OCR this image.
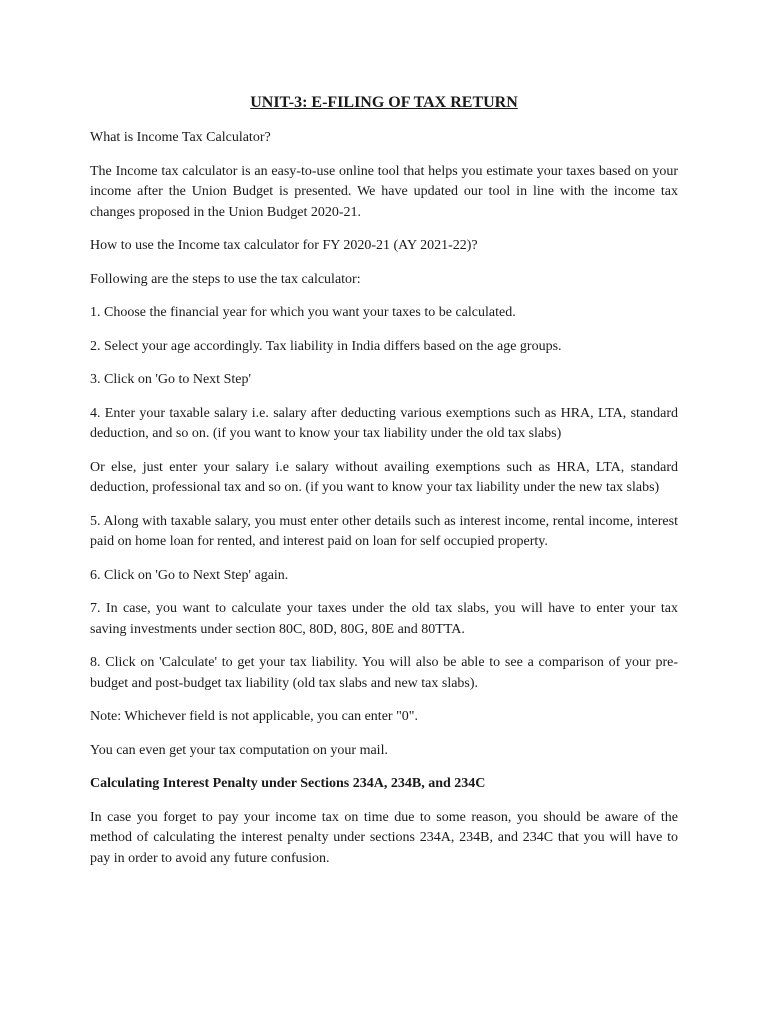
UNIT-3: E-FILING OF TAX RETURN

What is Income Tax Calculator?

The Income tax calculator is an easy-to-use online tool that helps you estimate your taxes based on your income after the Union Budget is presented. We have updated our tool in line with the income tax changes proposed in the Union Budget 2020-21.

How to use the Income tax calculator for FY 2020-21 (AY 2021-22)?

Following are the steps to use the tax calculator:

1. Choose the financial year for which you want your taxes to be calculated.

2. Select your age accordingly. Tax liability in India differs based on the age groups.

3. Click on 'Go to Next Step'

4. Enter your taxable salary i.e. salary after deducting various exemptions such as HRA, LTA, standard deduction, and so on. (if you want to know your tax liability under the old tax slabs)

Or else, just enter your salary i.e salary without availing exemptions such as HRA, LTA, standard deduction, professional tax and so on. (if you want to know your tax liability under the new tax slabs)

5. Along with taxable salary, you must enter other details such as interest income, rental income, interest paid on home loan for rented, and interest paid on loan for self occupied property.

6. Click on 'Go to Next Step' again.

7. In case, you want to calculate your taxes under the old tax slabs, you will have to enter your tax saving investments under section 80C, 80D, 80G, 80E and 80TTA.

8. Click on 'Calculate' to get your tax liability. You will also be able to see a comparison of your pre-budget and post-budget tax liability (old tax slabs and new tax slabs).

Note: Whichever field is not applicable, you can enter "0".

You can even get your tax computation on your mail.

Calculating Interest Penalty under Sections 234A, 234B, and 234C

In case you forget to pay your income tax on time due to some reason, you should be aware of the method of calculating the interest penalty under sections 234A, 234B, and 234C that you will have to pay in order to avoid any future confusion.
